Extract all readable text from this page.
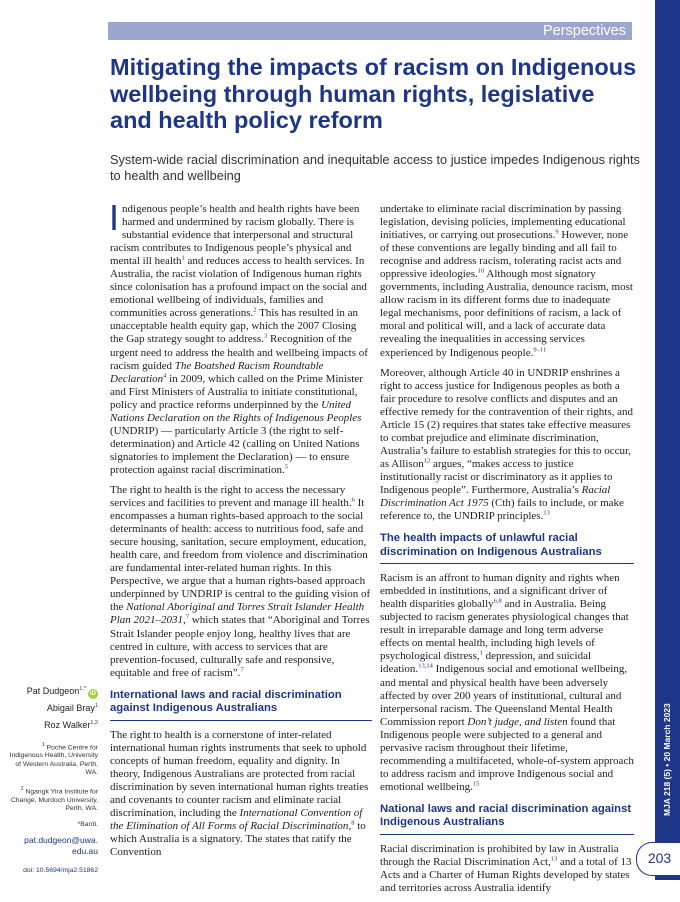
Perspectives
MJA 218 (5) • 20 March 2023
203
Mitigating the impacts of racism on Indigenous wellbeing through human rights, legislative and health policy reform

System-wide racial discrimination and inequitable access to justice impedes Indigenous rights to health and wellbeing

Pat Dudgeon$^{1,*}$iD
Abigail Bray$^1$
Roz Walker$^{1,2}$
$^1$ Poche Centre for Indigenous Health, University of Western Australia, Perth, WA.
$^2$ Ngangk Yira Institute for Change, Murdoch University, Perth, WA.
*Bardi.
pat.dudgeon@uwa.
edu.au
doi: 10.5694/mja2.51862

Indigenous people’s health and health rights have been harmed and undermined by racism globally. There is substantial evidence that interpersonal and structural racism contributes to Indigenous people’s physical and mental ill health$^1$ and reduces access to health services. In Australia, the racist violation of Indigenous human rights since colonisation has a profound impact on the social and emotional wellbeing of individuals, families and communities across generations.$^2$ This has resulted in an unacceptable health equity gap, which the 2007 Closing the Gap strategy sought to address.$^3$ Recognition of the urgent need to address the health and wellbeing impacts of racism guided The Boatshed Racism Roundtable Declaration$^4$ in 2009, which called on the Prime Minister and First Ministers of Australia to initiate constitutional, policy and practice reforms underpinned by the United Nations Declaration on the Rights of Indigenous Peoples (UNDRIP) — particularly Article 3 (the right to self-determination) and Article 42 (calling on United Nations signatories to implement the Declaration) — to ensure protection against racial discrimination.$^5$

The right to health is the right to access the necessary services and facilities to prevent and manage ill health.$^6$ It encompasses a human rights-based approach to the social determinants of health: access to nutritious food, safe and secure housing, sanitation, secure employment, education, health care, and freedom from violence and discrimination are fundamental inter-related human rights. In this Perspective, we argue that a human rights-based approach underpinned by UNDRIP is central to the guiding vision of the National Aboriginal and Torres Strait Islander Health Plan 2021–2031,$^7$ which states that “Aboriginal and Torres Strait Islander people enjoy long, healthy lives that are centred in culture, with access to services that are prevention-focused, culturally safe and responsive, equitable and free of racism”.$^7$

International laws and racial discrimination against Indigenous Australians

The right to health is a cornerstone of inter-related international human rights instruments that seek to uphold concepts of human freedom, equality and dignity. In theory, Indigenous Australians are protected from racial discrimination by seven international human rights treaties and covenants to counter racism and eliminate racial discrimination, including the International Convention of the Elimination of All Forms of Racial Discrimination,$^8$ to which Australia is a signatory. The states that ratify the Convention

undertake to eliminate racial discrimination by passing legislation, devising policies, implementing educational initiatives, or carrying out prosecutions.$^9$ However, none of these conventions are legally binding and all fail to recognise and address racism, tolerating racist acts and oppressive ideologies.$^{10}$ Although most signatory governments, including Australia, denounce racism, most allow racism in its different forms due to inadequate legal mechanisms, poor definitions of racism, a lack of moral and political will, and a lack of accurate data revealing the inequalities in accessing services experienced by Indigenous people.$^{9-11}$

Moreover, although Article 40 in UNDRIP enshrines a right to access justice for Indigenous peoples as both a fair procedure to resolve conflicts and disputes and an effective remedy for the contravention of their rights, and Article 15 (2) requires that states take effective measures to combat prejudice and eliminate discrimination, Australia’s failure to establish strategies for this to occur, as Allison$^{12}$ argues, “makes access to justice institutionally racist or discriminatory as it applies to Indigenous people”. Furthermore, Australia’s Racial Discrimination Act 1975 (Cth) fails to include, or make reference to, the UNDRIP principles.$^{13}$

The health impacts of unlawful racial discrimination on Indigenous Australians

Racism is an affront to human dignity and rights when embedded in institutions, and a significant driver of health disparities globally$^{6,8}$ and in Australia. Being subjected to racism generates physiological changes that result in irreparable damage and long term adverse effects on mental health, including high levels of psychological distress,$^1$ depression, and suicidal ideation.$^{13,14}$ Indigenous social and emotional wellbeing, and mental and physical health have been adversely affected by over 200 years of institutional, cultural and interpersonal racism. The Queensland Mental Health Commission report Don’t judge, and listen found that Indigenous people were subjected to a general and pervasive racism throughout their lifetime, recommending a multifaceted, whole-of-system approach to address racism and improve Indigenous social and emotional wellbeing.$^{15}$

National laws and racial discrimination against Indigenous Australians

Racial discrimination is prohibited by law in Australia through the Racial Discrimination Act,$^{13}$ and a total of 13 Acts and a Charter of Human Rights developed by states and territories across Australia identify
